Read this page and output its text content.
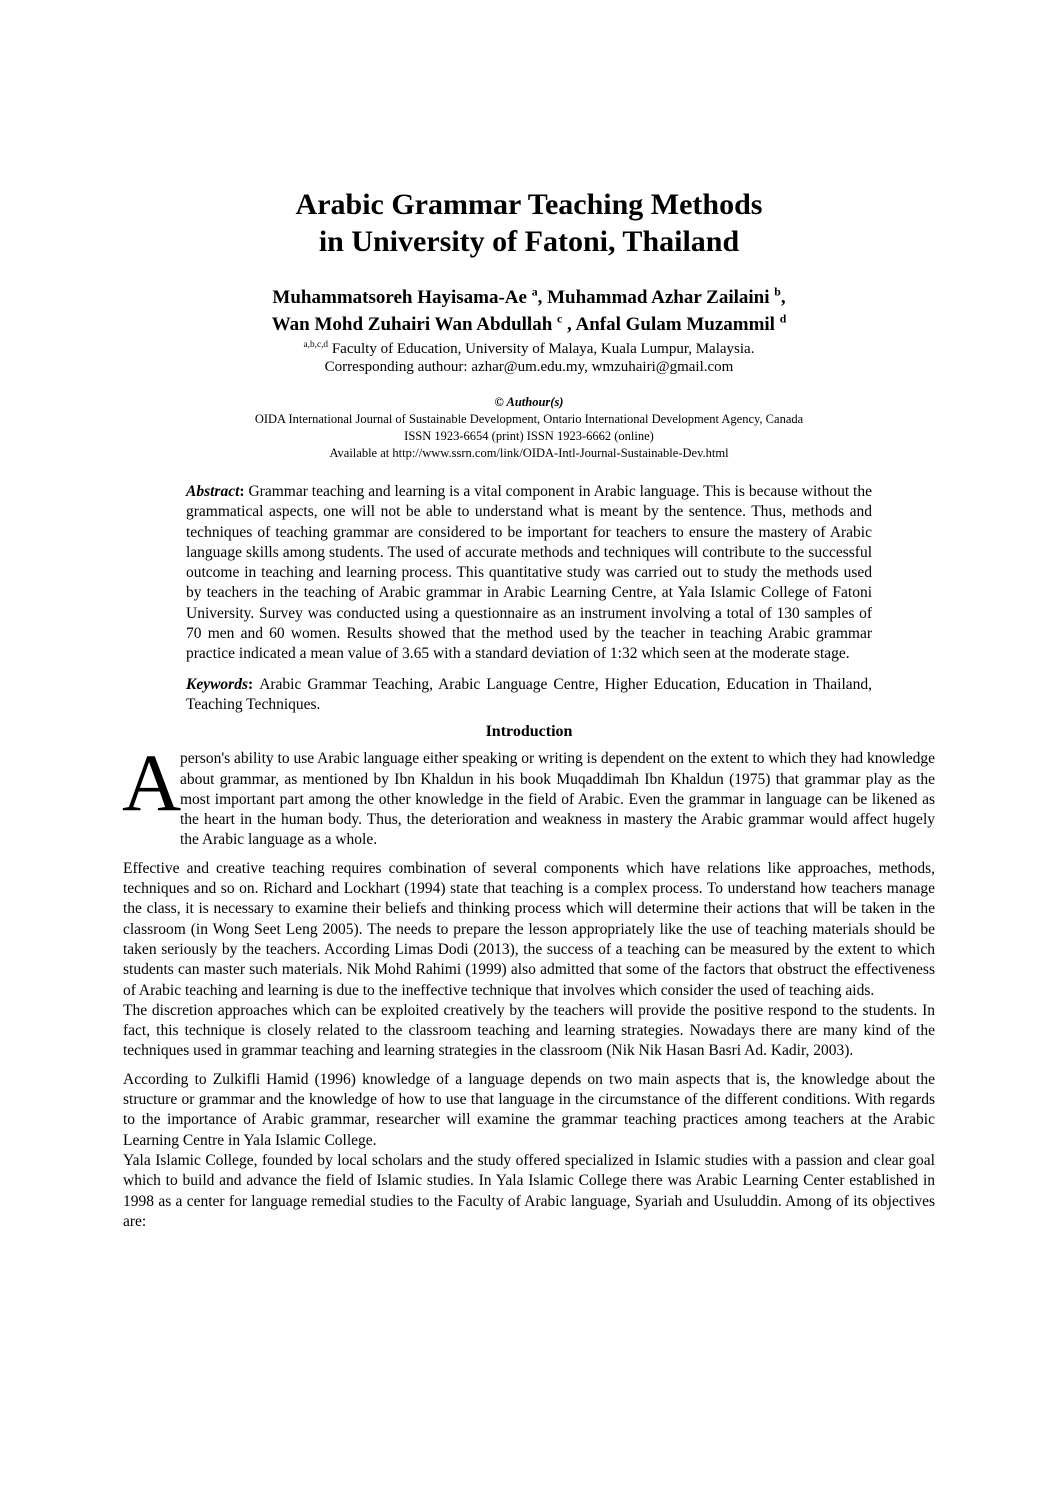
Arabic Grammar Teaching Methods
in University of Fatoni, Thailand
Muhammatsoreh Hayisama-Ae $^a$, Muhammad Azhar Zailaini $^b$,
Wan Mohd Zuhairi Wan Abdullah $^c$ , Anfal Gulam Muzammil $^d$
$^{a,b,c,d}$ Faculty of Education, University of Malaya, Kuala Lumpur, Malaysia.
Corresponding authour: azhar@um.edu.my, wmzuhairi@gmail.com
© Authour(s)
OIDA International Journal of Sustainable Development, Ontario International Development Agency, Canada
ISSN 1923-6654 (print) ISSN 1923-6662 (online)
Available at http://www.ssrn.com/link/OIDA-Intl-Journal-Sustainable-Dev.html

Abstract: Grammar teaching and learning is a vital component in Arabic language. This is because without the grammatical aspects, one will not be able to understand what is meant by the sentence. Thus, methods and techniques of teaching grammar are considered to be important for teachers to ensure the mastery of Arabic language skills among students. The used of accurate methods and techniques will contribute to the successful outcome in teaching and learning process. This quantitative study was carried out to study the methods used by teachers in the teaching of Arabic grammar in Arabic Learning Centre, at Yala Islamic College of Fatoni University. Survey was conducted using a questionnaire as an instrument involving a total of 130 samples of 70 men and 60 women. Results showed that the method used by the teacher in teaching Arabic grammar practice indicated a mean value of 3.65 with a standard deviation of 1:32 which seen at the moderate stage.

Keywords: Arabic Grammar Teaching, Arabic Language Centre, Higher Education, Education in Thailand, Teaching Techniques.

Introduction

A
person's ability to use Arabic language either speaking or writing is dependent on the extent to which they had knowledge about grammar, as mentioned by Ibn Khaldun in his book Muqaddimah Ibn Khaldun (1975) that grammar play as the most important part among the other knowledge in the field of Arabic. Even the grammar in language can be likened as the heart in the human body. Thus, the deterioration and weakness in mastery the Arabic grammar would affect hugely the Arabic language as a whole.

Effective and creative teaching requires combination of several components which have relations like approaches, methods, techniques and so on. Richard and Lockhart (1994) state that teaching is a complex process. To understand how teachers manage the class, it is necessary to examine their beliefs and thinking process which will determine their actions that will be taken in the classroom (in Wong Seet Leng 2005). The needs to prepare the lesson appropriately like the use of teaching materials should be taken seriously by the teachers. According Limas Dodi (2013), the success of a teaching can be measured by the extent to which students can master such materials. Nik Mohd Rahimi (1999) also admitted that some of the factors that obstruct the effectiveness of Arabic teaching and learning is due to the ineffective technique that involves which consider the used of teaching aids.

The discretion approaches which can be exploited creatively by the teachers will provide the positive respond to the students. In fact, this technique is closely related to the classroom teaching and learning strategies. Nowadays there are many kind of the techniques used in grammar teaching and learning strategies in the classroom (Nik Nik Hasan Basri Ad. Kadir, 2003).

According to Zulkifli Hamid (1996) knowledge of a language depends on two main aspects that is, the knowledge about the structure or grammar and the knowledge of how to use that language in the circumstance of the different conditions. With regards to the importance of Arabic grammar, researcher will examine the grammar teaching practices among teachers at the Arabic Learning Centre in Yala Islamic College.

Yala Islamic College, founded by local scholars and the study offered specialized in Islamic studies with a passion and clear goal which to build and advance the field of Islamic studies. In Yala Islamic College there was Arabic Learning Center established in 1998 as a center for language remedial studies to the Faculty of Arabic language, Syariah and Usuluddin. Among of its objectives are:
